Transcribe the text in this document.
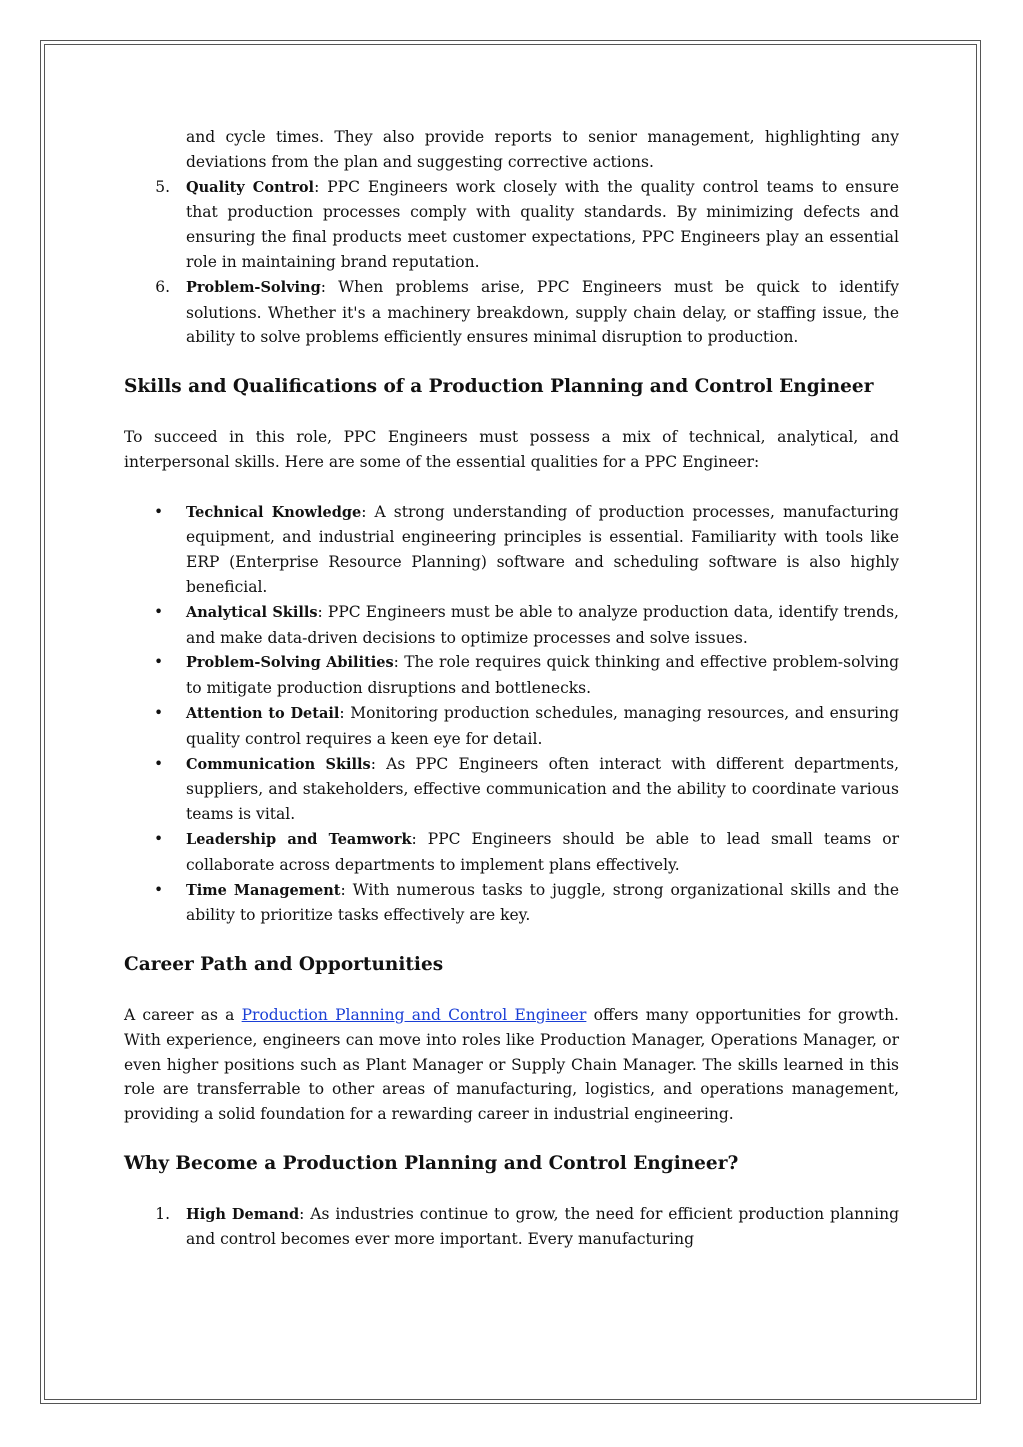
and cycle times. They also provide reports to senior management, highlighting any deviations from the plan and suggesting corrective actions.
5. Quality Control: PPC Engineers work closely with the quality control teams to ensure that production processes comply with quality standards. By minimizing defects and ensuring the final products meet customer expectations, PPC Engineers play an essential role in maintaining brand reputation.
6. Problem-Solving: When problems arise, PPC Engineers must be quick to identify solutions. Whether it's a machinery breakdown, supply chain delay, or staffing issue, the ability to solve problems efficiently ensures minimal disruption to production.
Skills and Qualifications of a Production Planning and Control Engineer

To succeed in this role, PPC Engineers must possess a mix of technical, analytical, and interpersonal skills. Here are some of the essential qualities for a PPC Engineer:

• Technical Knowledge: A strong understanding of production processes, manufacturing equipment, and industrial engineering principles is essential. Familiarity with tools like ERP (Enterprise Resource Planning) software and scheduling software is also highly beneficial.
• Analytical Skills: PPC Engineers must be able to analyze production data, identify trends, and make data-driven decisions to optimize processes and solve issues.
• Problem-Solving Abilities: The role requires quick thinking and effective problem-solving to mitigate production disruptions and bottlenecks.
• Attention to Detail: Monitoring production schedules, managing resources, and ensuring quality control requires a keen eye for detail.
• Communication Skills: As PPC Engineers often interact with different departments, suppliers, and stakeholders, effective communication and the ability to coordinate various teams is vital.
• Leadership and Teamwork: PPC Engineers should be able to lead small teams or collaborate across departments to implement plans effectively.
• Time Management: With numerous tasks to juggle, strong organizational skills and the ability to prioritize tasks effectively are key.
Career Path and Opportunities

A career as a Production Planning and Control Engineer offers many opportunities for growth. With experience, engineers can move into roles like Production Manager, Operations Manager, or even higher positions such as Plant Manager or Supply Chain Manager. The skills learned in this role are transferrable to other areas of manufacturing, logistics, and operations management, providing a solid foundation for a rewarding career in industrial engineering.

Why Become a Production Planning and Control Engineer?
1. High Demand: As industries continue to grow, the need for efficient production planning and control becomes ever more important. Every manufacturing
